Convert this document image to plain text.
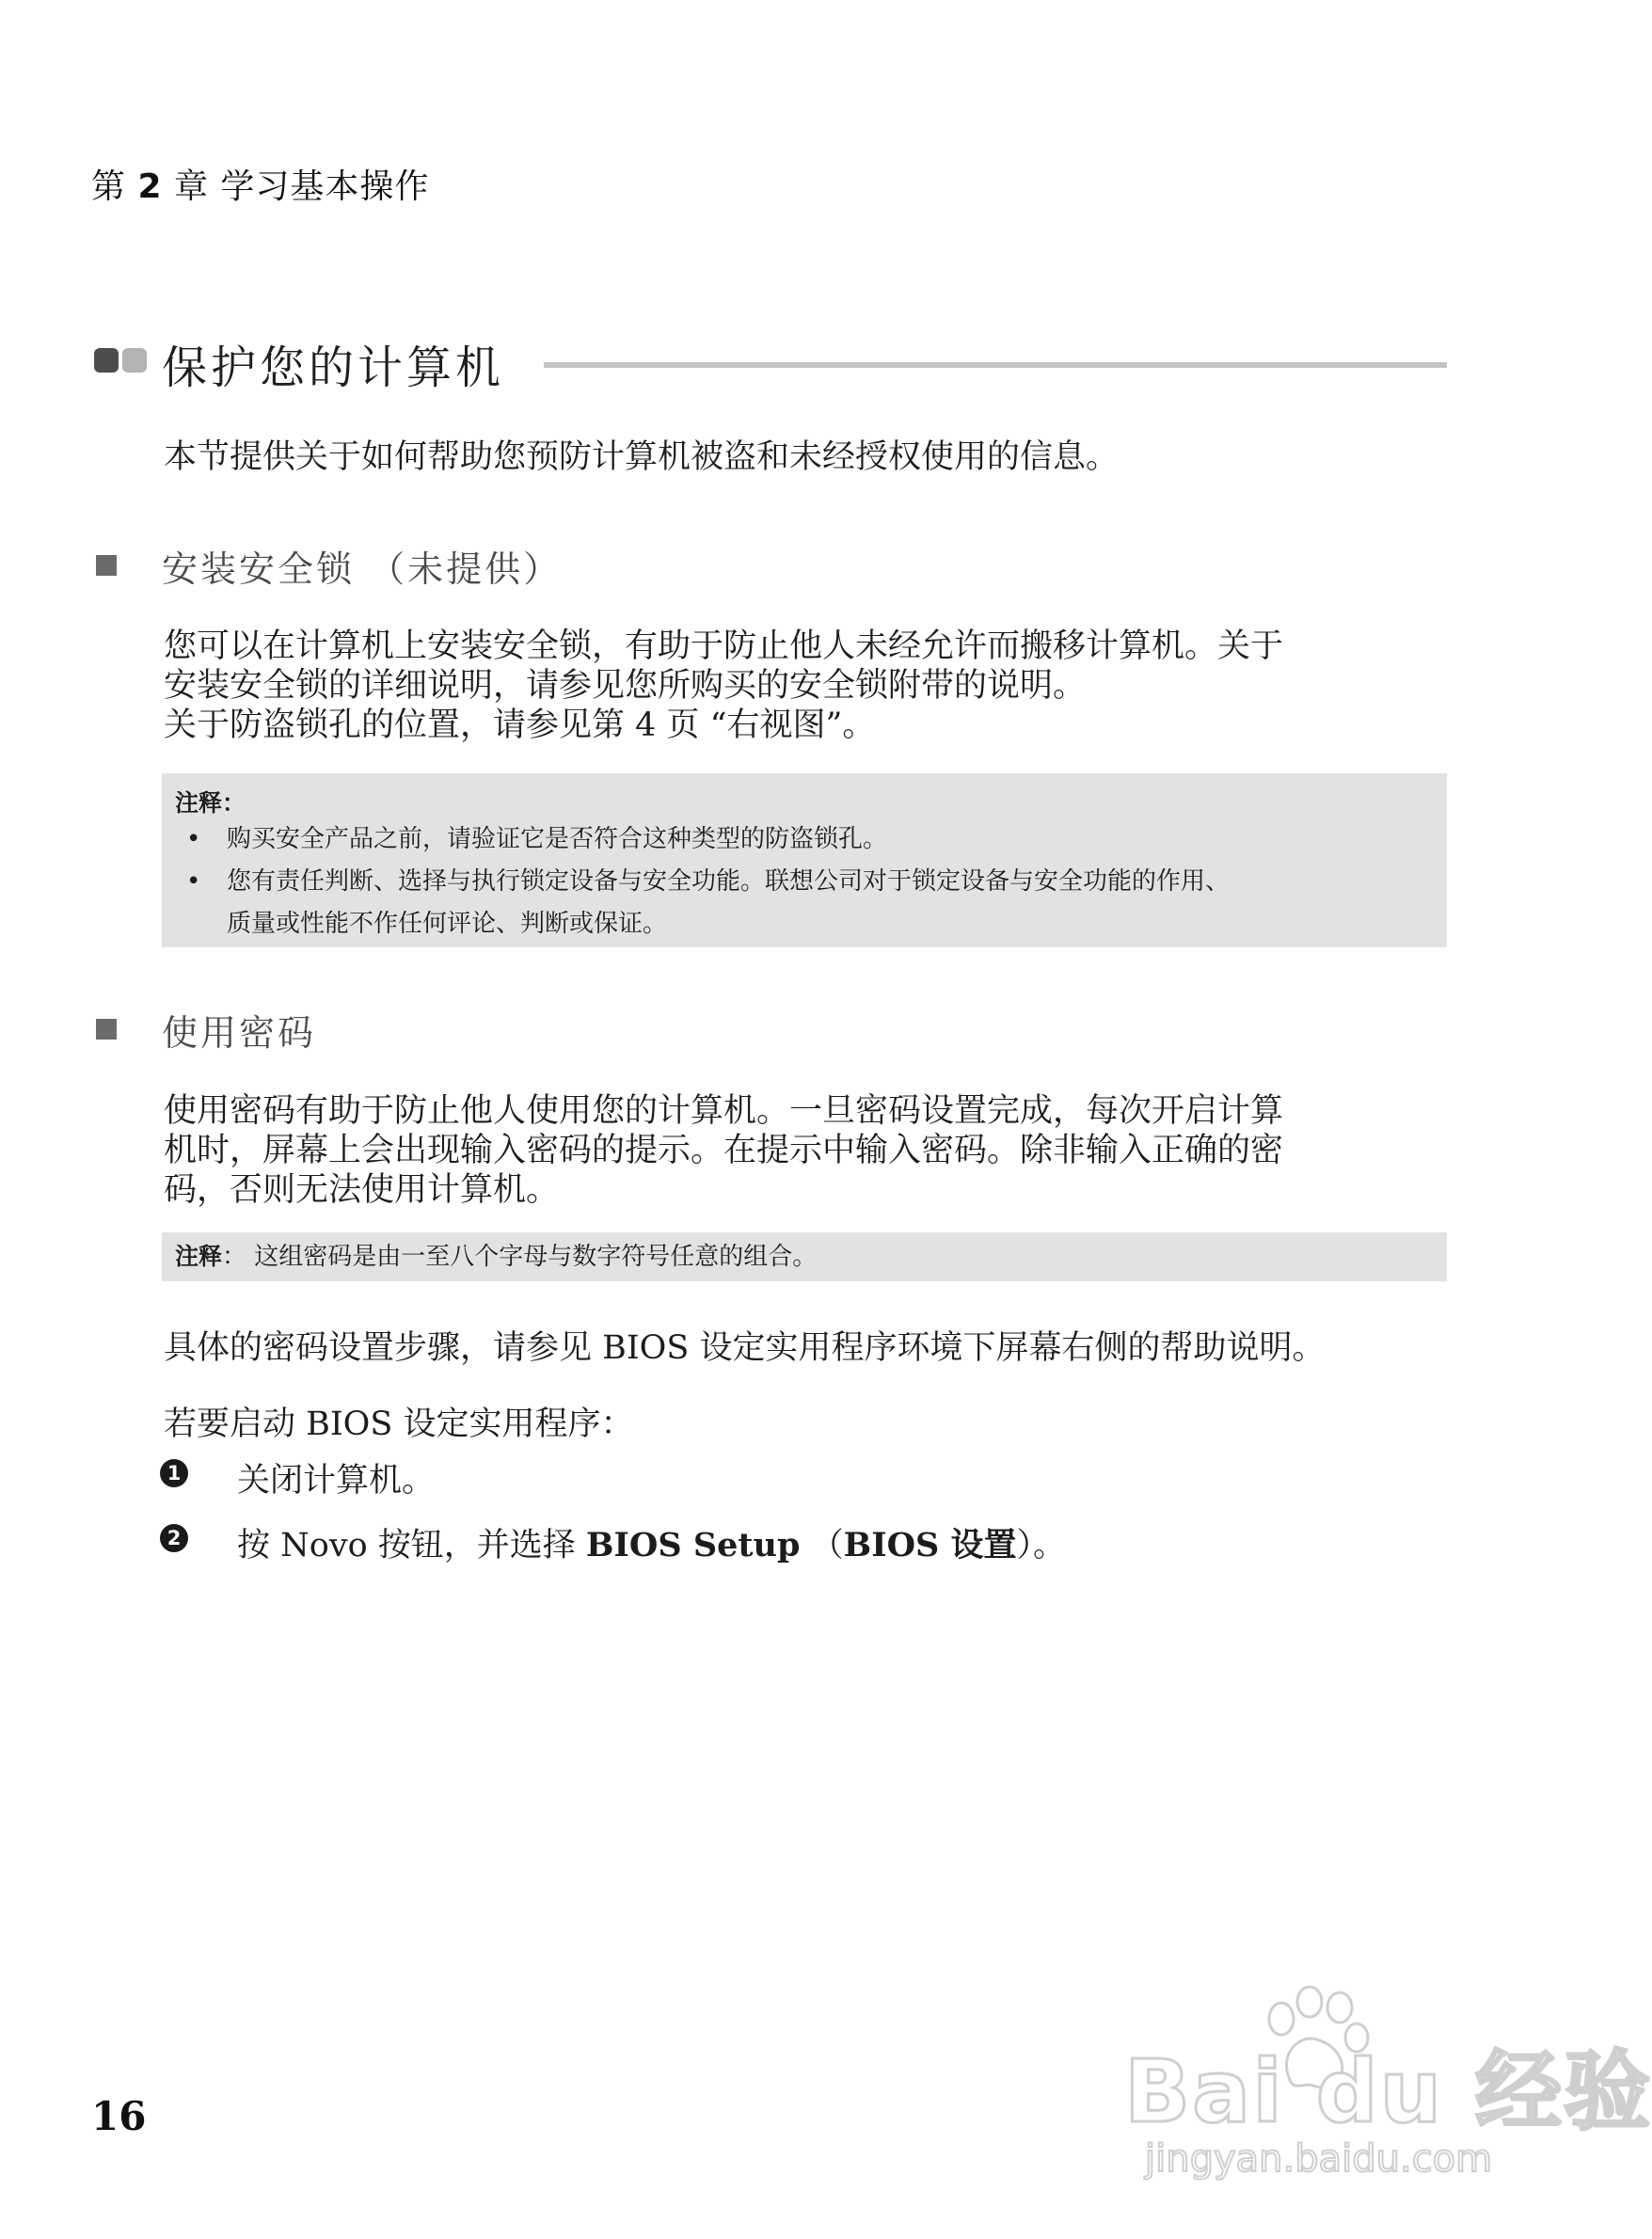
第 2 章 学习基本操作
保护您的计算机
本节提供关于如何帮助您预防计算机被盗和未经授权使用的信息。
安装安全锁 （未提供）
您可以在计算机上安装安全锁，有助于防止他人未经允许而搬移计算机。关于
安装安全锁的详细说明，请参见您所购买的安全锁附带的说明。
关于防盗锁孔的位置，请参见第 4 页 “右视图”。
注释：
• 购买安全产品之前，请验证它是否符合这种类型的防盗锁孔。
• 您有责任判断、选择与执行锁定设备与安全功能。联想公司对于锁定设备与安全功能的作用、
质量或性能不作任何评论、判断或保证。
使用密码
使用密码有助于防止他人使用您的计算机。一旦密码设置完成，每次开启计算
机时，屏幕上会出现输入密码的提示。在提示中输入密码。除非输入正确的密
码，否则无法使用计算机。
注释： 这组密码是由一至八个字母与数字符号任意的组合。
具体的密码设置步骤，请参见 BIOS 设定实用程序环境下屏幕右侧的帮助说明。
若要启动 BIOS 设定实用程序：
1 关闭计算机。
2 按 Novo 按钮，并选择 BIOS Setup （BIOS 设置）。
16	Bai du 经验
jingyan.baidu.com
